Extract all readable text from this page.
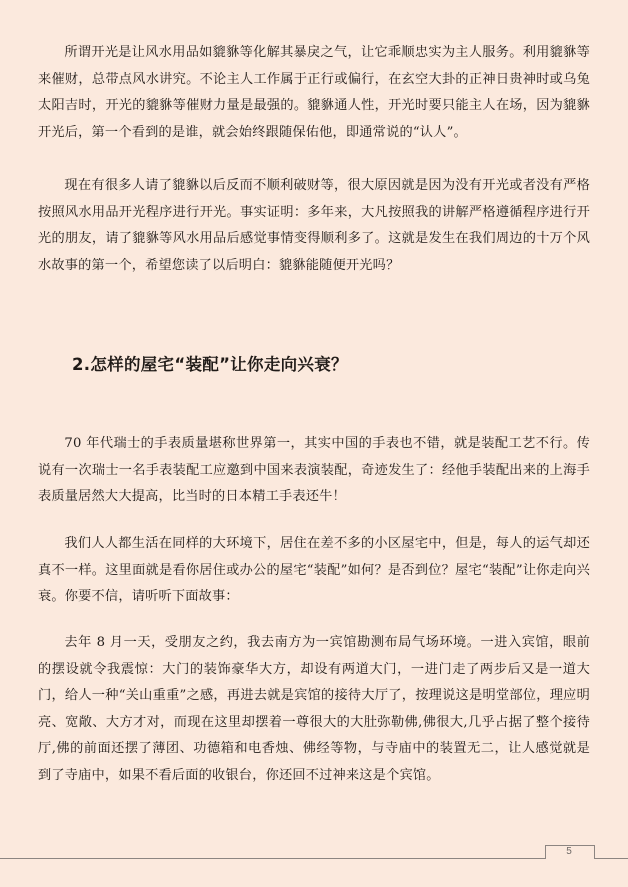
所谓开光是让风水用品如貔貅等化解其暴戾之气，让它乖顺忠实为主人服务。利用貔貅等来催财，总带点风水讲究。不论主人工作属于正行或偏行，在玄空大卦的正神日贵神时或乌兔太阳吉时，开光的貔貅等催财力量是最强的。貔貅通人性，开光时要只能主人在场，因为貔貅开光后，第一个看到的是谁，就会始终跟随保佑他，即通常说的“认人”。

现在有很多人请了貔貅以后反而不顺利破财等，很大原因就是因为没有开光或者没有严格按照风水用品开光程序进行开光。事实证明：多年来，大凡按照我的讲解严格遵循程序进行开光的朋友，请了貔貅等风水用品后感觉事情变得顺利多了。这就是发生在我们周边的十万个风水故事的第一个，希望您读了以后明白：貔貅能随便开光吗？

2.怎样的屋宅“装配”让你走向兴衰？

70 年代瑞士的手表质量堪称世界第一，其实中国的手表也不错，就是装配工艺不行。传说有一次瑞士一名手表装配工应邀到中国来表演装配，奇迹发生了：经他手装配出来的上海手表质量居然大大提高，比当时的日本精工手表还牛！

我们人人都生活在同样的大环境下，居住在差不多的小区屋宅中，但是，每人的运气却还真不一样。这里面就是看你居住或办公的屋宅“装配”如何？是否到位？屋宅“装配”让你走向兴衰。你要不信，请听听下面故事：

去年 8 月一天，受朋友之约，我去南方为一宾馆勘测布局气场环境。一进入宾馆，眼前的摆设就令我震惊：大门的装饰豪华大方，却设有两道大门，一进门走了两步后又是一道大门，给人一种“关山重重”之感，再进去就是宾馆的接待大厅了，按理说这是明堂部位，理应明亮、宽敞、大方才对，而现在这里却摆着一尊很大的大肚弥勒佛,佛很大,几乎占据了整个接待厅,佛的前面还摆了薄团、功德箱和电香烛、佛经等物，与寺庙中的装置无二，让人感觉就是到了寺庙中，如果不看后面的收银台，你还回不过神来这是个宾馆。

5
